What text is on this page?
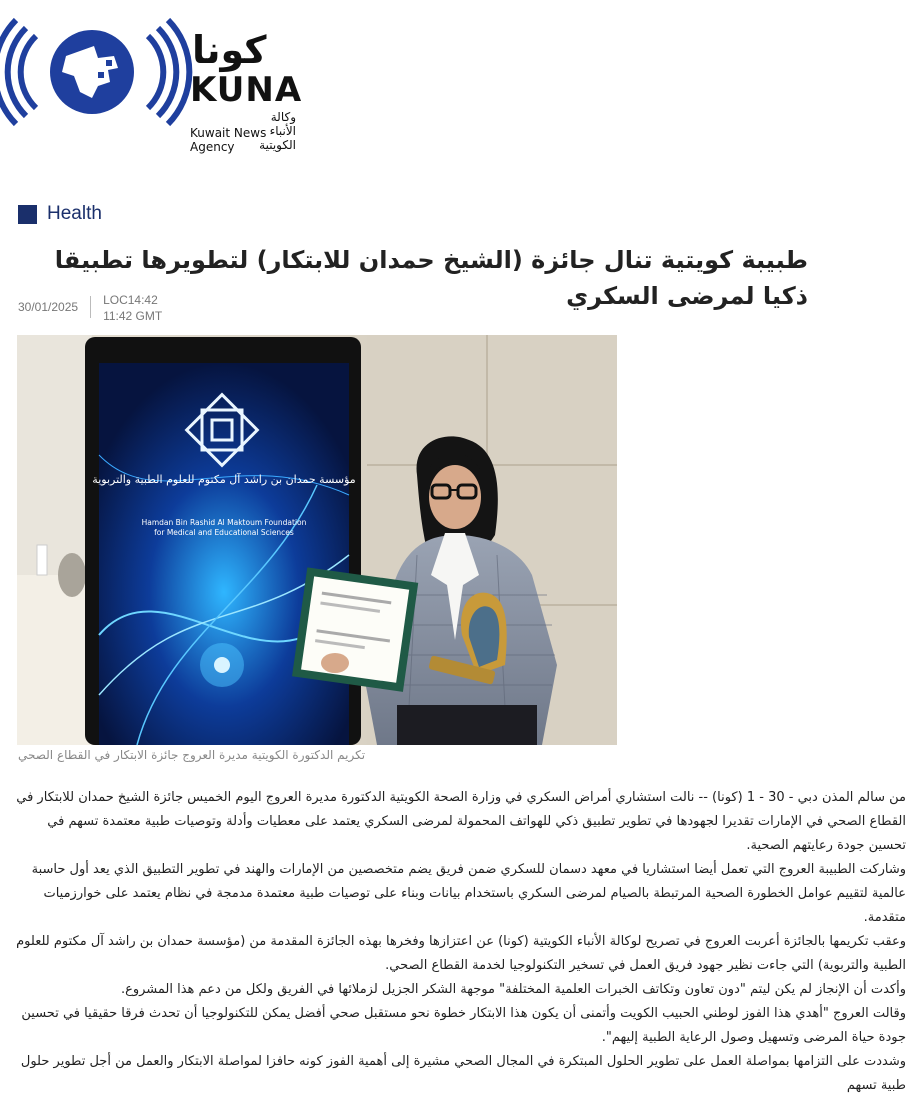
كونا
KUNA
وكالة الأنباء الكويتية
Kuwait News Agency
Health
طبيبة كويتية تنال جائزة (الشيخ حمدان للابتكار) لتطويرها تطبيقا ذكيا لمرضى السكري
30/01/2025 LOC14:42
11:42 GMT
مؤسسة حمدان بن راشد آل مكتوم للعلوم الطبية والتربوية
Hamdan Bin Rashid Al Maktoum Foundation
for Medical and Educational Sciences
تكريم الدكتورة الكويتية مديرة العروج جائزة الابتكار في القطاع الصحي

من سالم المذن دبي - 30 - 1 (كونا) -- نالت استشاري أمراض السكري في وزارة الصحة الكويتية الدكتورة مديرة العروج اليوم الخميس جائزة الشيخ حمدان للابتكار في القطاع الصحي في الإمارات تقديرا لجهودها في تطوير تطبيق ذكي للهواتف المحمولة لمرضى السكري يعتمد على معطيات وأدلة وتوصيات طبية معتمدة تسهم في تحسين جودة رعايتهم الصحية.

وشاركت الطبيبة العروج التي تعمل أيضا استشاريا في معهد دسمان للسكري ضمن فريق يضم متخصصين من الإمارات والهند في تطوير التطبيق الذي يعد أول حاسبة عالمية لتقييم عوامل الخطورة الصحية المرتبطة بالصيام لمرضى السكري باستخدام بيانات وبناء على توصيات طبية معتمدة مدمجة في نظام يعتمد على خوارزميات متقدمة.

وعقب تكريمها بالجائزة أعربت العروج في تصريح لوكالة الأنباء الكويتية (كونا) عن اعتزازها وفخرها بهذه الجائزة المقدمة من (مؤسسة حمدان بن راشد آل مكتوم للعلوم الطبية والتربوية) التي جاءت نظير جهود فريق العمل في تسخير التكنولوجيا لخدمة القطاع الصحي.

وأكدت أن الإنجاز لم يكن ليتم "دون تعاون وتكاتف الخبرات العلمية المختلفة" موجهة الشكر الجزيل لزملائها في الفريق ولكل من دعم هذا المشروع.

وقالت العروج "أهدي هذا الفوز لوطني الحبيب الكويت وأتمنى أن يكون هذا الابتكار خطوة نحو مستقبل صحي أفضل يمكن للتكنولوجيا أن تحدث فرقا حقيقيا في تحسين جودة حياة المرضى وتسهيل وصول الرعاية الطبية إليهم".

وشددت على التزامها بمواصلة العمل على تطوير الحلول المبتكرة في المجال الصحي مشيرة إلى أهمية الفوز كونه حافزا لمواصلة الابتكار والعمل من أجل تطوير حلول طبية تسهم
